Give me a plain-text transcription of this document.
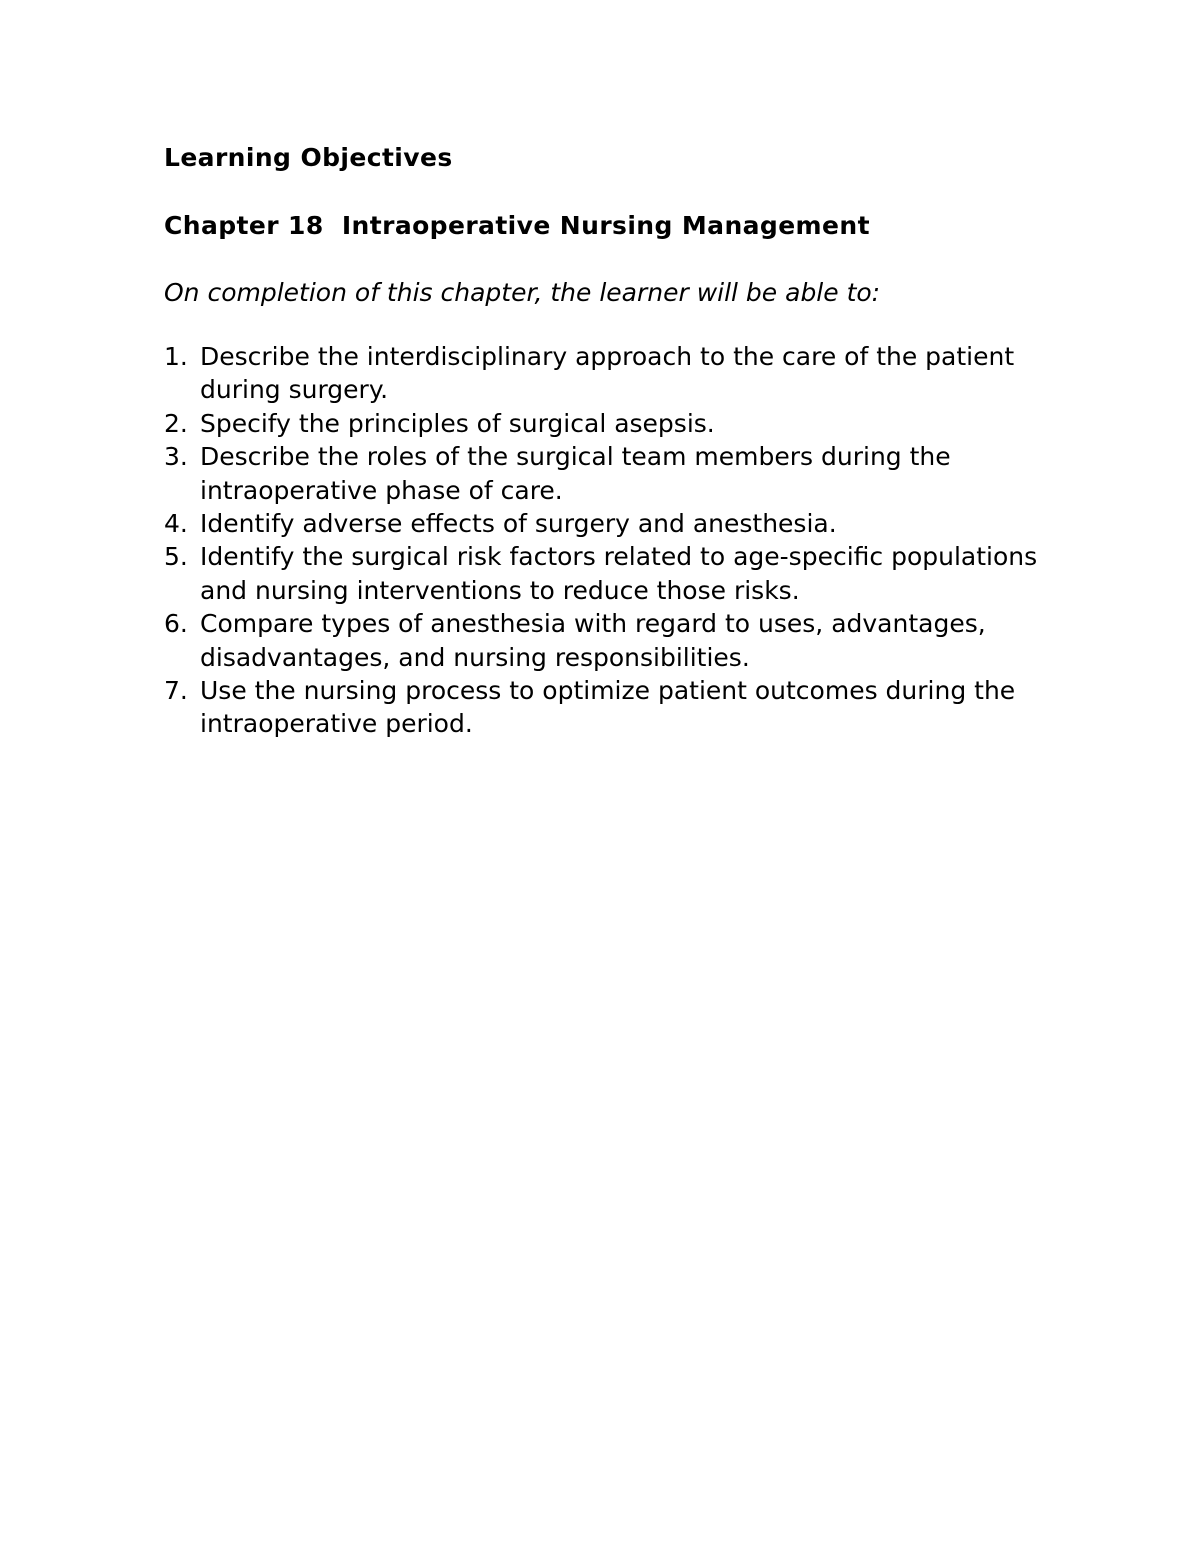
Learning Objectives
Chapter 18  Intraoperative Nursing Management

On completion of this chapter, the learner will be able to:

1. Describe the interdisciplinary approach to the care of the patient during surgery.
2. Specify the principles of surgical asepsis.
3. Describe the roles of the surgical team members during the intraoperative phase of care.
4. Identify adverse effects of surgery and anesthesia.
5. Identify the surgical risk factors related to age-specific populations and nursing interventions to reduce those risks.
6. Compare types of anesthesia with regard to uses, advantages, disadvantages, and nursing responsibilities.
7. Use the nursing process to optimize patient outcomes during the intraoperative period.
